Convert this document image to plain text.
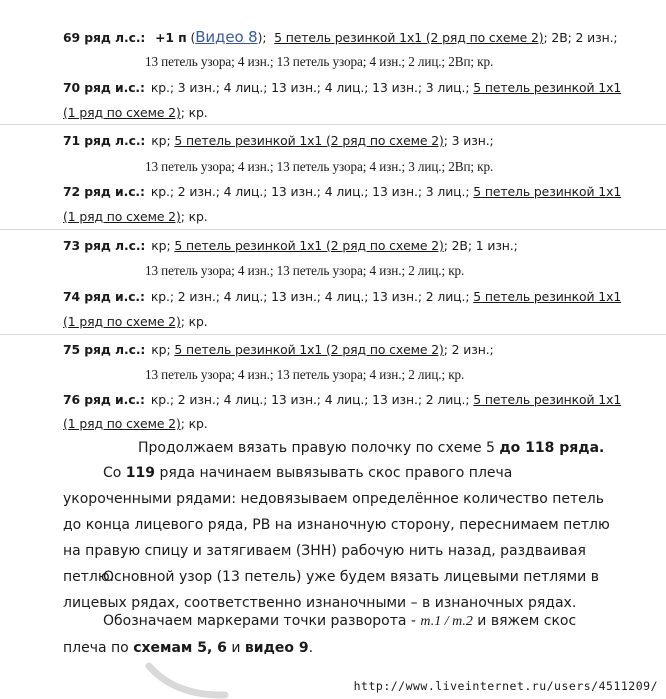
69 ряд л.с.: +1 п (Видео 8); 5 петель резинкой 1х1 (2 ряд по схеме 2); 2В; 2 изн.;
13 петель узора; 4 изн.; 13 петель узора; 4 изн.; 2 лиц.; 2Вп; кр.
70 ряд и.с.: кр.; 3 изн.; 4 лиц.; 13 изн.; 4 лиц.; 13 изн.; 3 лиц.; 5 петель резинкой 1х1
(1 ряд по схеме 2); кр.
71 ряд л.с.: кр; 5 петель резинкой 1х1 (2 ряд по схеме 2); 3 изн.;
13 петель узора; 4 изн.; 13 петель узора; 4 изн.; 3 лиц.; 2Вп; кр.
72 ряд и.с.: кр.; 2 изн.; 4 лиц.; 13 изн.; 4 лиц.; 13 изн.; 3 лиц.; 5 петель резинкой 1х1
(1 ряд по схеме 2); кр.
73 ряд л.с.: кр; 5 петель резинкой 1х1 (2 ряд по схеме 2); 2В; 1 изн.;
13 петель узора; 4 изн.; 13 петель узора; 4 изн.; 2 лиц.; кр.
74 ряд и.с.: кр.; 2 изн.; 4 лиц.; 13 изн.; 4 лиц.; 13 изн.; 2 лиц.; 5 петель резинкой 1х1
(1 ряд по схеме 2); кр.
75 ряд л.с.: кр; 5 петель резинкой 1х1 (2 ряд по схеме 2); 2 изн.;
13 петель узора; 4 изн.; 13 петель узора; 4 изн.; 2 лиц.; кр.
76 ряд и.с.: кр.; 2 изн.; 4 лиц.; 13 изн.; 4 лиц.; 13 изн.; 2 лиц.; 5 петель резинкой 1х1
(1 ряд по схеме 2); кр.
Продолжаем вязать правую полочку по схеме 5 до 118 ряда.

Со 119 ряда начинаем вывязывать скос правого плеча укороченными рядами: недовязываем определённое количество петель до конца лицевого ряда, РВ на изнаночную сторону, переснимаем петлю на правую спицу и затягиваем (ЗНН) рабочую нить назад, раздваивая петлю.

Основной узор (13 петель) уже будем вязать лицевыми петлями в лицевых рядах, соответственно изнаночными – в изнаночных рядах.

Обозначаем маркерами точки разворота - т.1 / т.2 и вяжем скос плеча по схемам 5, 6 и видео 9.

http://www.liveinternet.ru/users/4511209/
